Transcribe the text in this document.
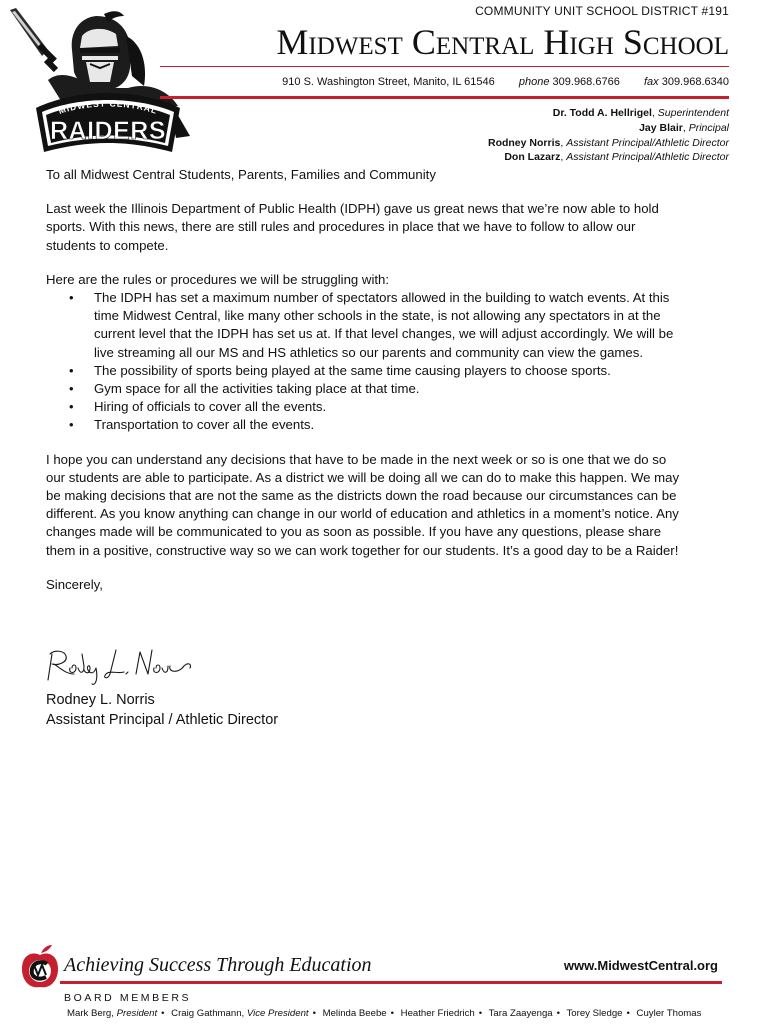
MIDWEST CENTRAL
RAIDERS
COMMUNITY UNIT SCHOOL DISTRICT #191
Midwest Central High School
910 S. Washington Street, Manito, IL 61546 phone 309.968.6766 fax 309.968.6340
Dr. Todd A. Hellrigel, Superintendent
Jay Blair, Principal
Rodney Norris, Assistant Principal/Athletic Director
Don Lazarz, Assistant Principal/Athletic Director

To all Midwest Central Students, Parents, Families and Community

Last week the Illinois Department of Public Health (IDPH) gave us great news that we’re now able to hold sports. With this news, there are still rules and procedures in place that we have to follow to allow our students to compete.

Here are the rules or procedures we will be struggling with:

• The IDPH has set a maximum number of spectators allowed in the building to watch events. At this time Midwest Central, like many other schools in the state, is not allowing any spectators in at the current level that the IDPH has set us at. If that level changes, we will adjust accordingly. We will be live streaming all our MS and HS athletics so our parents and community can view the games.
• The possibility of sports being played at the same time causing players to choose sports.
• Gym space for all the activities taking place at that time.
• Hiring of officials to cover all the events.
• Transportation to cover all the events.

I hope you can understand any decisions that have to be made in the next week or so is one that we do so our students are able to participate. As a district we will be doing all we can do to make this happen. We may be making decisions that are not the same as the districts down the road because our circumstances can be different. As you know anything can change in our world of education and athletics in a moment’s notice. Any changes made will be communicated to you as soon as possible. If you have any questions, please share them in a positive, constructive way so we can work together for our students. It’s a good day to be a Raider!

Sincerely,

Rodney L. Norris
Assistant Principal / Athletic Director
Achieving Success Through Education	www.MidwestCentral.org
BOARD MEMBERS
Mark Berg, President • Craig Gathmann, Vice President • Melinda Beebe • Heather Friedrich • Tara Zaayenga • Torey Sledge • Cuyler Thomas
